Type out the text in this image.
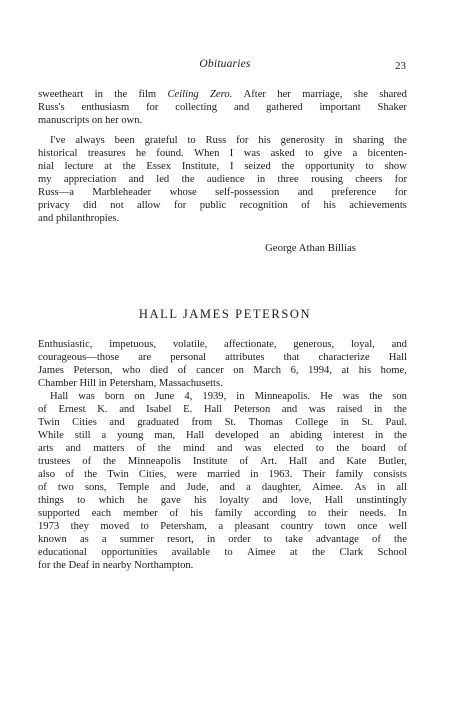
Obituaries	23
sweetheart in the film Ceiling Zero. After her marriage, she shared
Russ's enthusiasm for collecting and gathered important Shaker
manuscripts on her own.
I've always been grateful to Russ for his generosity in sharing the
historical treasures he found. When I was asked to give a bicenten-
nial lecture at the Essex Institute, I seized the opportunity to show
my appreciation and led the audience in three rousing cheers for
Russ—a Marbleheader whose self-possession and preference for
privacy did not allow for public recognition of his achievements
and philanthropies.
George Athan Billias
HALL JAMES PETERSON
Enthusiastic, impetuous, volatile, affectionate, generous, loyal, and
courageous—those are personal attributes that characterize Hall
James Peterson, who died of cancer on March 6, 1994, at his home,
Chamber Hill in Petersham, Massachusetts.
Hall was born on June 4, 1939, in Minneapolis. He was the son
of Ernest K. and Isabel E. Hall Peterson and was raised in the
Twin Cities and graduated from St. Thomas College in St. Paul.
While still a young man, Hall developed an abiding interest in the
arts and matters of the mind and was elected to the board of
trustees of the Minneapolis Institute of Art. Hall and Kate Butler,
also of the Twin Cities, were married in 1963. Their family consists
of two sons, Temple and Jude, and a daughter, Aimee. As in all
things to which he gave his loyalty and love, Hall unstintingly
supported each member of his family according to their needs. In
1973 they moved to Petersham, a pleasant country town once well
known as a summer resort, in order to take advantage of the
educational opportunities available to Aimee at the Clark School
for the Deaf in nearby Northampton.
